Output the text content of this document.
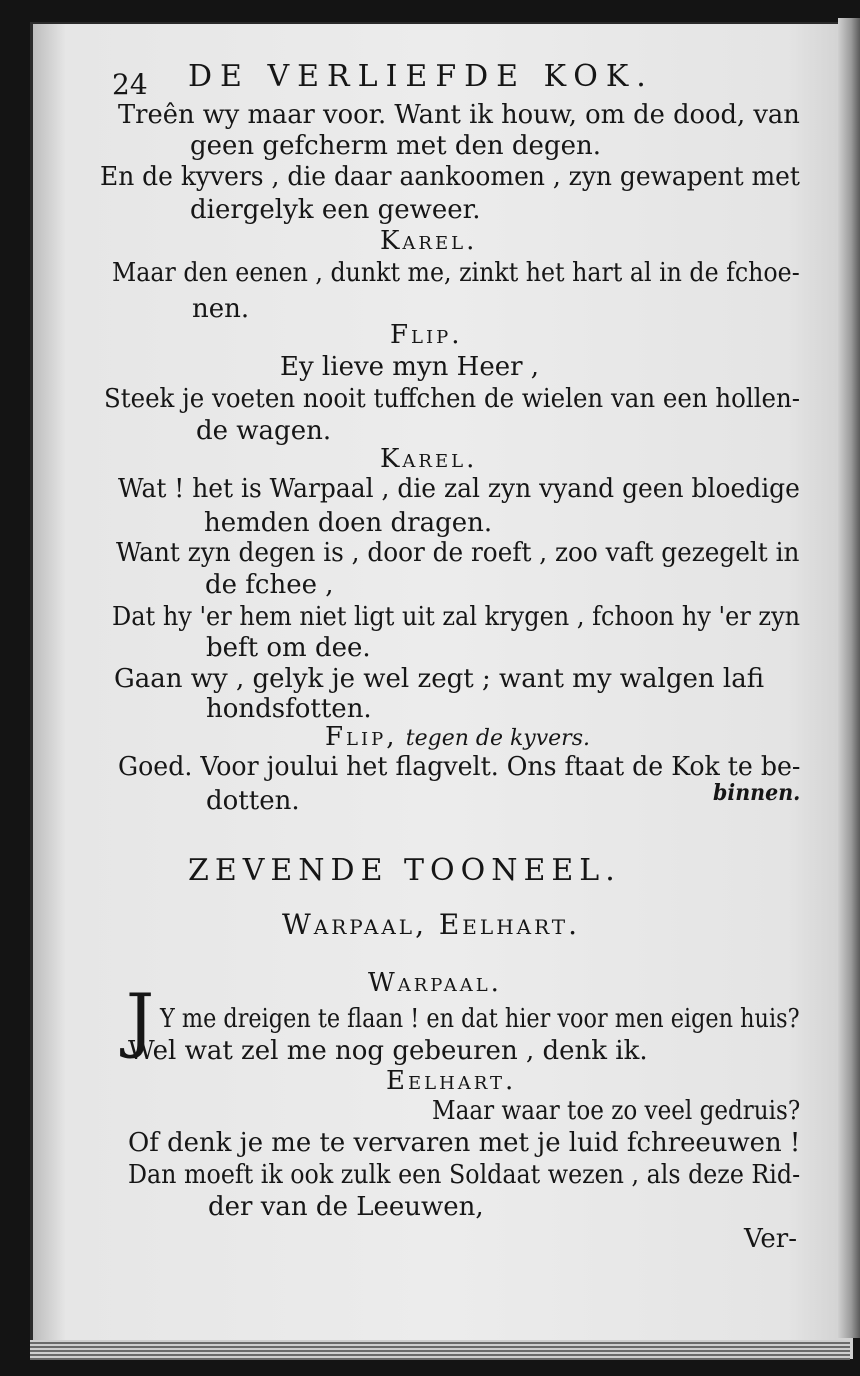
24 DE VERLIEFDE KOK.

Treên wy maar voor. Want ik houw, om de dood, van

geen gefcherm met den degen.

En de kyvers , die daar aankoomen , zyn gewapent met

diergelyk een geweer.

Karel.

Maar den eenen , dunkt me, zinkt het hart al in de fchoe-

nen.

Flip.

Ey lieve myn Heer ,

Steek je voeten nooit tuffchen de wielen van een hollen-

de wagen.

Karel.

Wat ! het is Warpaal , die zal zyn vyand geen bloedige

hemden doen dragen.

Want zyn degen is , door de roeft , zoo vaft gezegelt in

de fchee ,

Dat hy 'er hem niet ligt uit zal krygen , fchoon hy 'er zyn

beft om dee.

Gaan wy , gelyk je wel zegt ; want my walgen lafi

hondsfotten.

Flip, tegen de kyvers.

Goed. Voor joului het flagvelt. Ons ftaat de Kok te be-

dotten.	binnen.

ZEVENDE TOONEEL.

Warpaal, Eelhart.

Warpaal.

J Y me dreigen te flaan ! en dat hier voor men eigen huis?

Wel wat zel me nog gebeuren , denk ik.

Eelhart.

Maar waar toe zo veel gedruis?

Of denk je me te vervaren met je luid fchreeuwen !

Dan moeft ik ook zulk een Soldaat wezen , als deze Rid-

der van de Leeuwen,

Ver-
